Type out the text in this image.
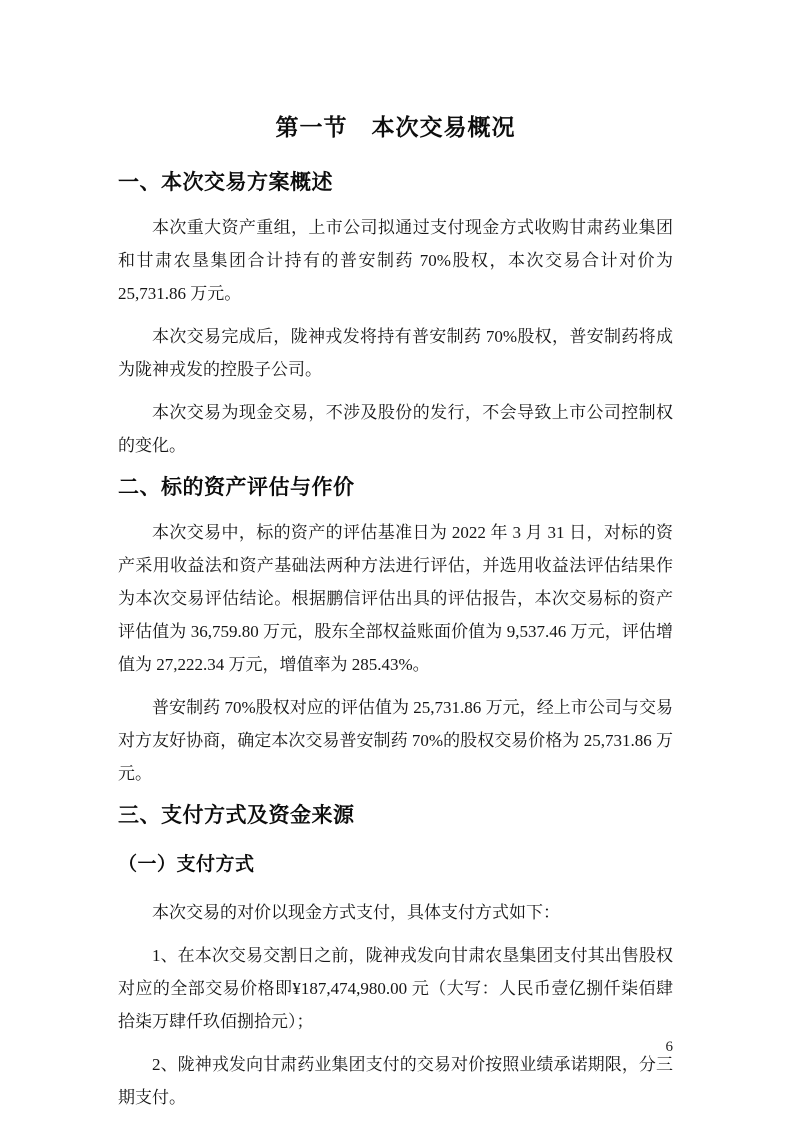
第一节　本次交易概况
一、本次交易方案概述

本次重大资产重组，上市公司拟通过支付现金方式收购甘肃药业集团和甘肃农垦集团合计持有的普安制药 70%股权，本次交易合计对价为 25,731.86 万元。

本次交易完成后，陇神戎发将持有普安制药 70%股权，普安制药将成为陇神戎发的控股子公司。

本次交易为现金交易，不涉及股份的发行，不会导致上市公司控制权的变化。

二、标的资产评估与作价

本次交易中，标的资产的评估基准日为 2022 年 3 月 31 日，对标的资产采用收益法和资产基础法两种方法进行评估，并选用收益法评估结果作为本次交易评估结论。根据鹏信评估出具的评估报告，本次交易标的资产评估值为 36,759.80 万元，股东全部权益账面价值为 9,537.46 万元，评估增值为 27,222.34 万元，增值率为 285.43%。

普安制药 70%股权对应的评估值为 25,731.86 万元，经上市公司与交易对方友好协商，确定本次交易普安制药 70%的股权交易价格为 25,731.86 万元。

三、支付方式及资金来源
（一）支付方式

本次交易的对价以现金方式支付，具体支付方式如下：

1、在本次交易交割日之前，陇神戎发向甘肃农垦集团支付其出售股权对应的全部交易价格即¥187,474,980.00 元（大写：人民币壹亿捌仟柒佰肆拾柒万肆仟玖佰捌拾元）；

2、陇神戎发向甘肃药业集团支付的交易对价按照业绩承诺期限，分三期支付。

6
